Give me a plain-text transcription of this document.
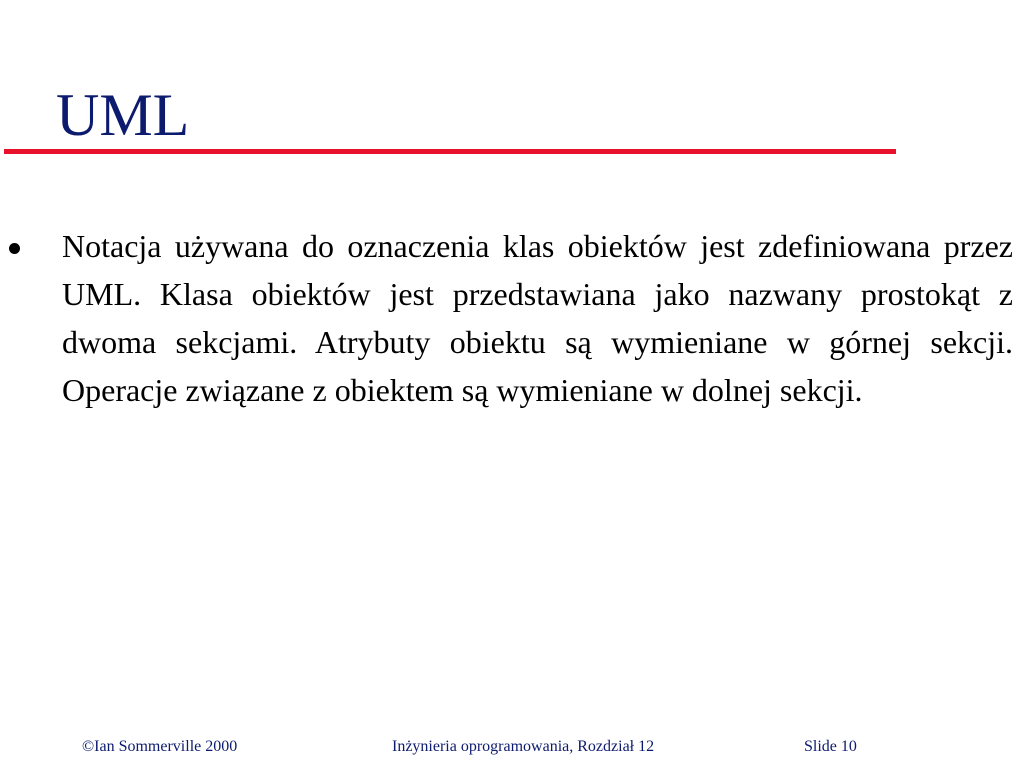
UML
Notacja używana do oznaczenia klas obiektów jest zdefiniowana przez UML. Klasa obiektów jest przedstawiana jako nazwany prostokąt z dwoma sekcjami. Atrybuty obiektu są wymieniane w górnej sekcji. Operacje związane z obiektem są wymieniane w dolnej sekcji.
©Ian Sommerville 2000	Inżynieria oprogramowania, Rozdział 12	Slide 10
